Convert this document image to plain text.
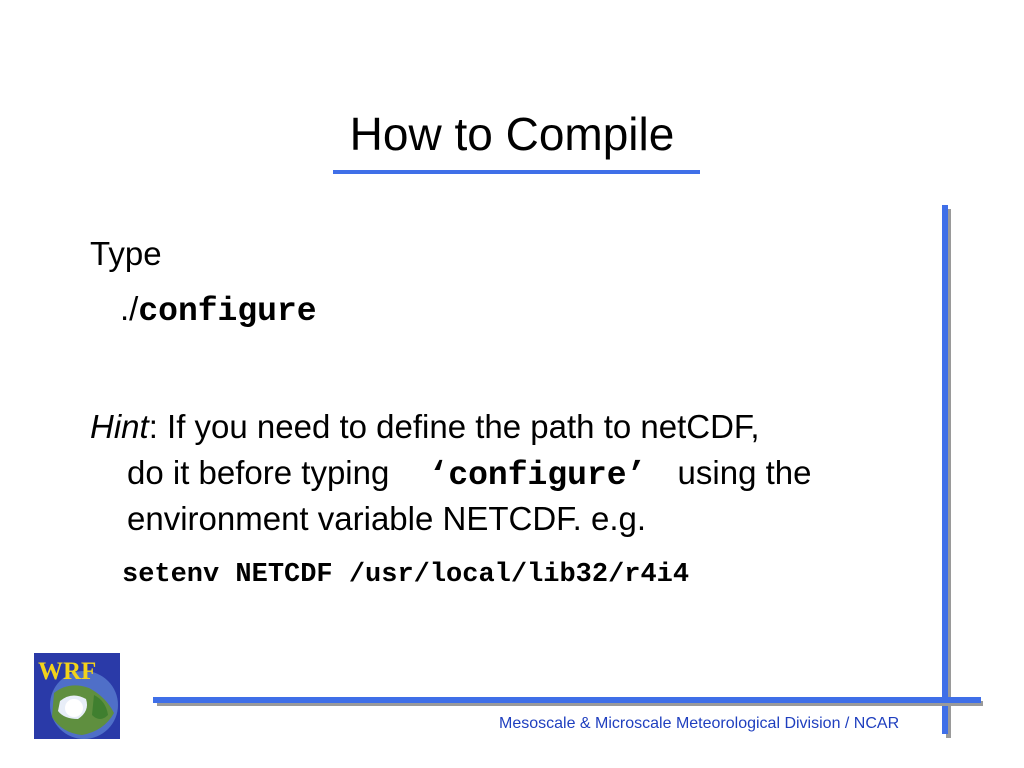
How to Compile
Type
./configure
Hint: If you need to define the path to netCDF,
do it before typing ‘configure’ using the
environment variable NETCDF. e.g.
setenv NETCDF /usr/local/lib32/r4i4
WRF
Mesoscale & Microscale Meteorological Division / NCAR
